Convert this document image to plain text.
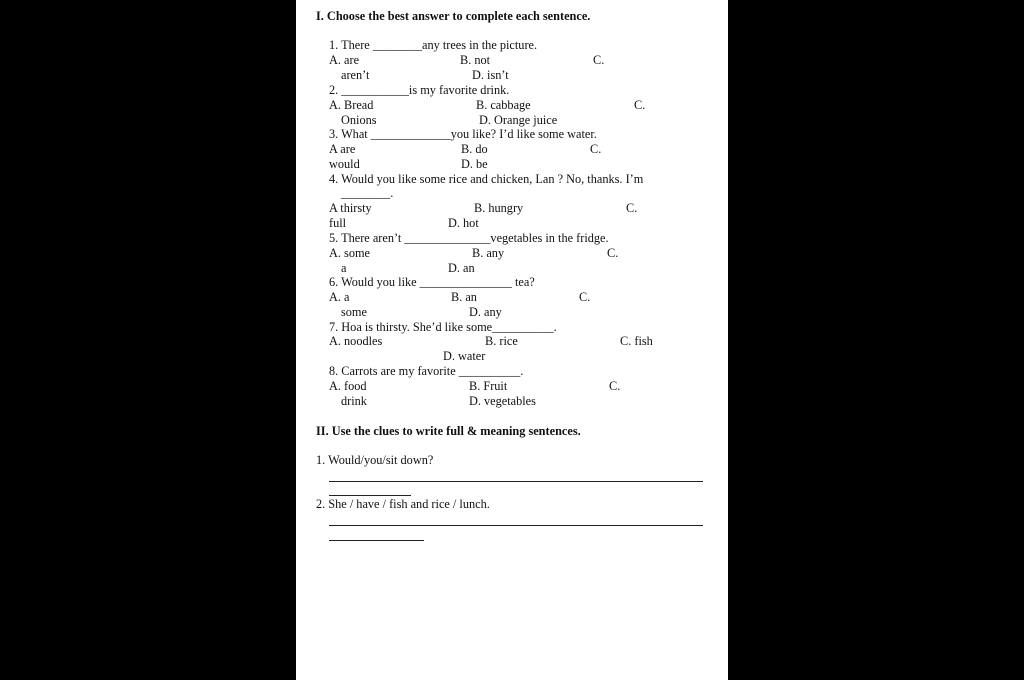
I. Choose the best answer to complete each sentence.
1. There ________any trees in the picture.
A. are	B. not	C.
aren’t	D. isn’t
2. ___________is my favorite drink.
A. Bread	B. cabbage	C.
Onions	D. Orange juice
3. What _____________you like? I’d like some water.
A are	B. do	C.
would	D. be
4. Would you like some rice and chicken, Lan ? No, thanks. I’m
________.
A thirsty	B. hungry	C.
full	D. hot
5. There aren’t ______________vegetables in the fridge.
A. some	B. any	C.
a	D. an
6. Would you like _______________ tea?
A. a	B. an	C.
some	D. any
7. Hoa is thirsty. She’d like some__________.
A. noodles	B. rice	C. fish
D. water
8. Carrots are my favorite __________.
A. food	B. Fruit	C.
drink	D. vegetables
II. Use the clues to write full & meaning sentences.
1. Would/you/sit down?
2. She / have / fish and rice / lunch.
